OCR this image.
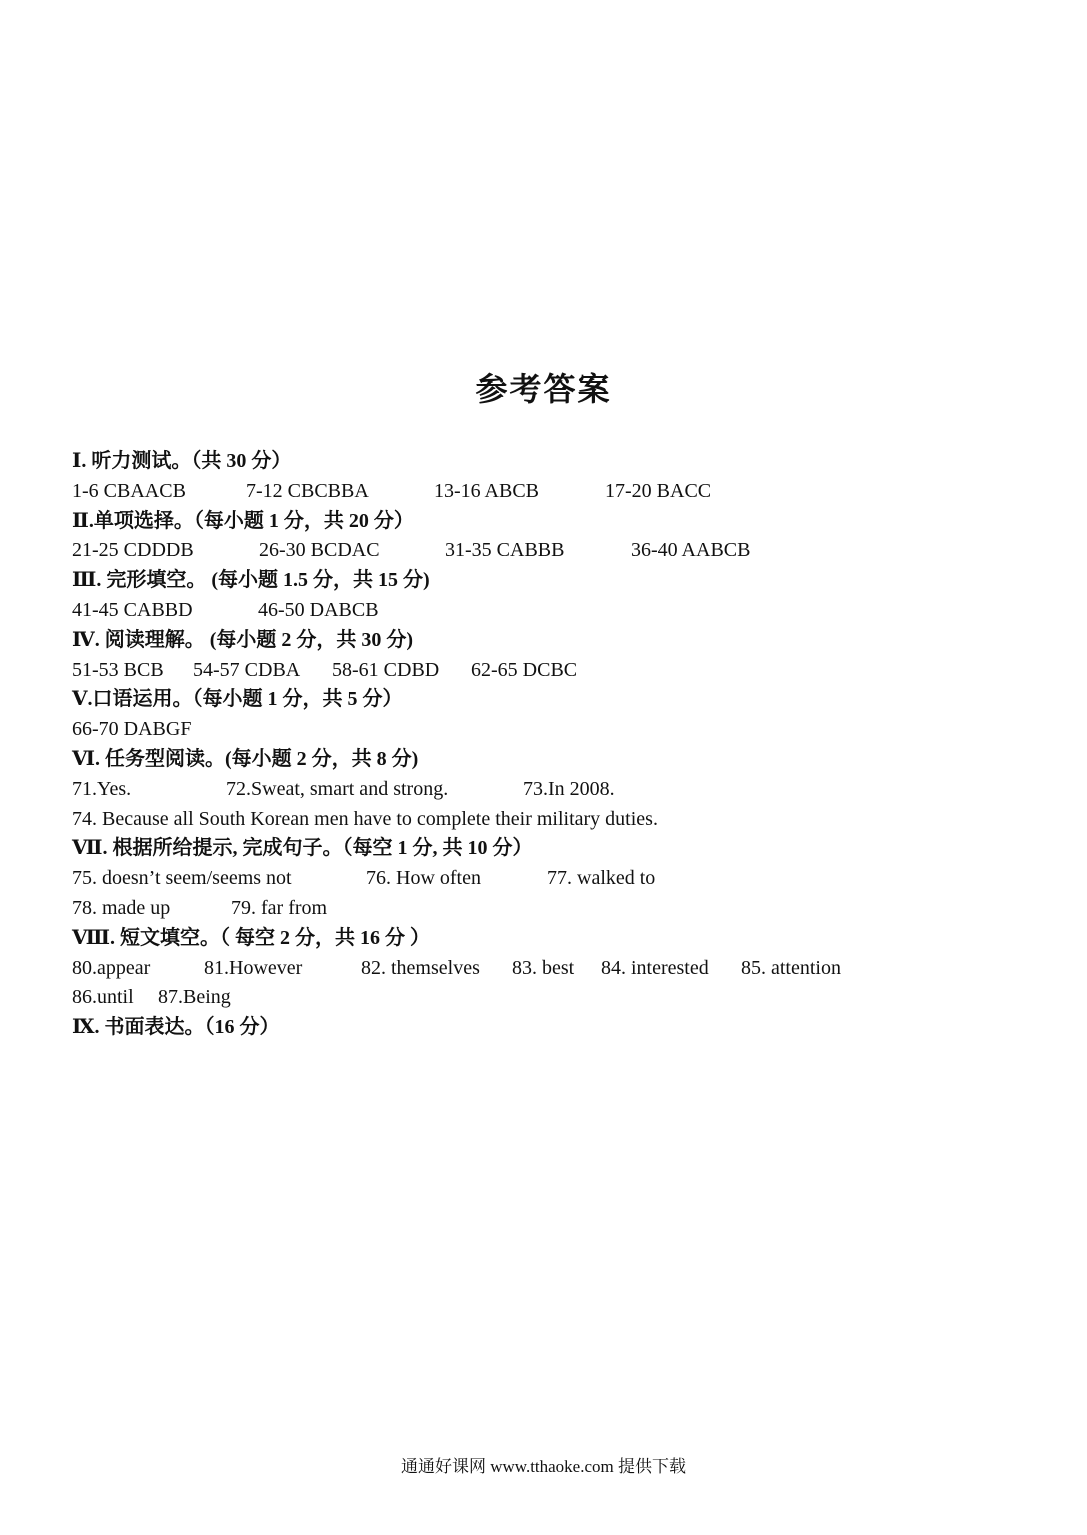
参考答案
Ⅰ. 听力测试。（共 30 分）
1-6 CBAACB	7-12 CBCBBA	13-16 ABCB	17-20 BACC
Ⅱ.单项选择。（每小题 1 分，共 20 分）
21-25 CDDDB	26-30 BCDAC	31-35 CABBB	36-40 AABCB
Ⅲ. 完形填空。 (每小题 1.5 分，共 15 分)
41-45 CABBD	46-50 DABCB
Ⅳ. 阅读理解。 (每小题 2 分，共 30 分)
51-53 BCB 54-57 CDBA 58-61 CDBD 62-65 DCBC
Ⅴ.口语运用。（每小题 1 分，共 5 分）
66-70 DABGF
Ⅵ. 任务型阅读。(每小题 2 分，共 8 分)
71.Yes.	72.Sweat, smart and strong.	73.In 2008.
74. Because all South Korean men have to complete their military duties.
Ⅶ. 根据所给提示, 完成句子。（每空 1 分, 共 10 分）
75. doesn’t seem/seems not	76. How often	77. walked to
78. made up	79. far from
Ⅷ. 短文填空。（ 每空 2 分，共 16 分 ）
80.appear	81.However	82. themselves 83. best 84. interested 85. attention
86.until 87.Being
Ⅸ. 书面表达。（16 分）
通通好课网 www.tthaoke.com 提供下载
